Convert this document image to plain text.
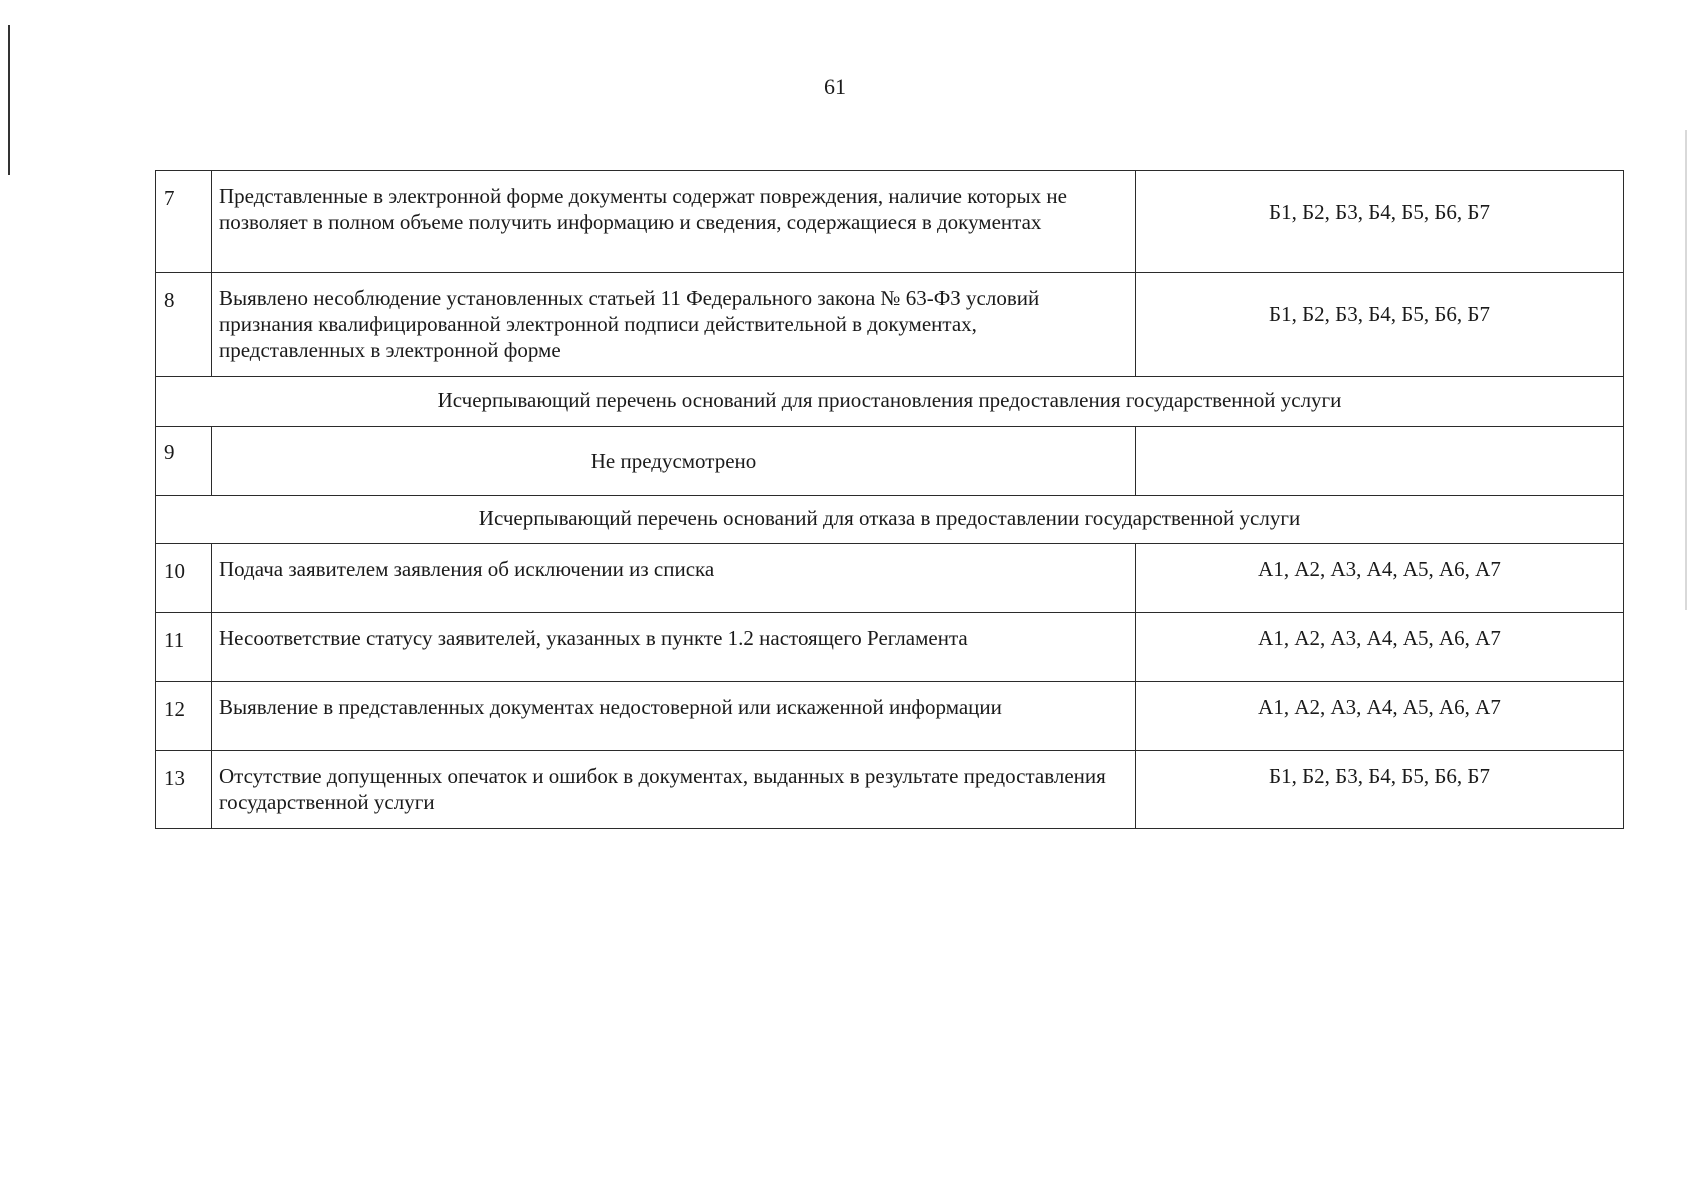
61
7	Представленные в электронной форме документы содержат повреждения, наличие которых не позволяет в полном объеме получить информацию и сведения, содержащиеся в документах	Б1, Б2, Б3, Б4, Б5, Б6, Б7
8	Выявлено несоблюдение установленных статьей 11 Федерального закона № 63-ФЗ условий признания квалифицированной электронной подписи действительной в документах, представленных в электронной форме	Б1, Б2, Б3, Б4, Б5, Б6, Б7
Исчерпывающий перечень оснований для приостановления предоставления государственной услуги		
9	Не предусмотрено	
Исчерпывающий перечень оснований для отказа в предоставлении государственной услуги		
10	Подача заявителем заявления об исключении из списка	А1, А2, А3, А4, А5, А6, А7
11	Несоответствие статусу заявителей, указанных в пункте 1.2 настоящего Регламента	А1, А2, А3, А4, А5, А6, А7
12	Выявление в представленных документах недостоверной или искаженной информации	А1, А2, А3, А4, А5, А6, А7
13	Отсутствие допущенных опечаток и ошибок в документах, выданных в результате предоставления государственной услуги	Б1, Б2, Б3, Б4, Б5, Б6, Б7
